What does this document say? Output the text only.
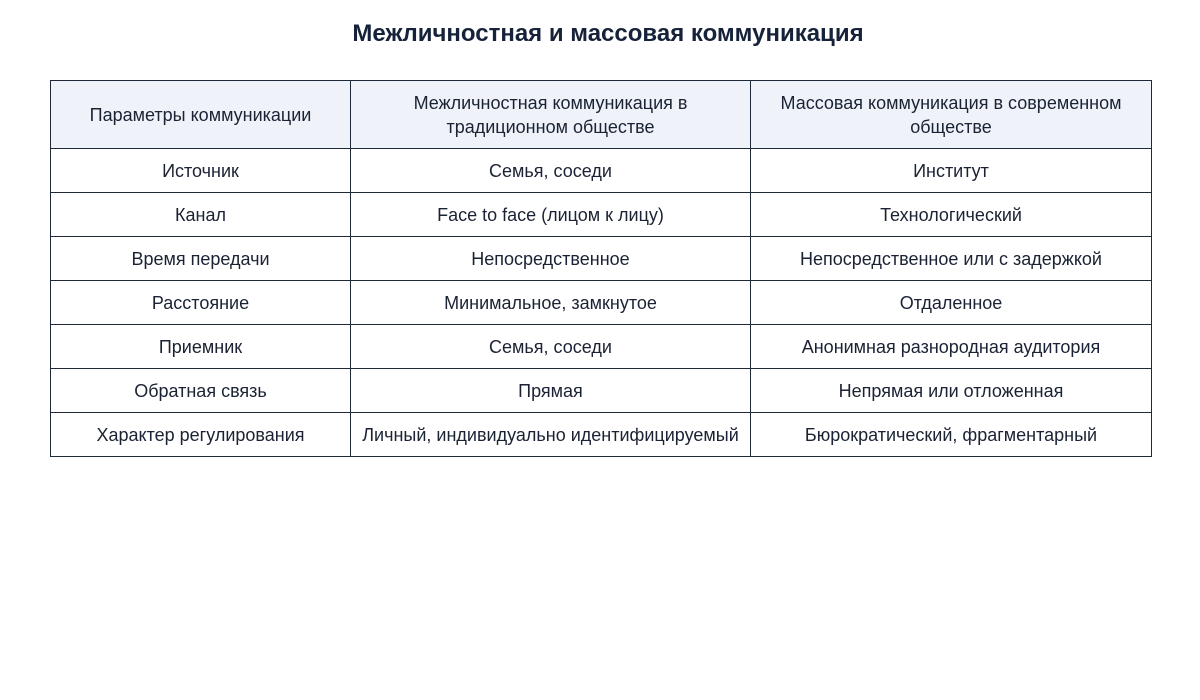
Межличностная и массовая коммуникация
Параметры коммуникации	Межличностная коммуникация в традиционном обществе	Массовая коммуникация в современном обществе
Источник	Семья, соседи	Институт
Канал	Face to face (лицом к лицу)	Технологический
Время передачи	Непосредственное	Непосредственное или с задержкой
Расстояние	Минимальное, замкнутое	Отдаленное
Приемник	Семья, соседи	Анонимная разнородная аудитория
Обратная связь	Прямая	Непрямая или отложенная
Характер регулирования	Личный, индивидуально идентифицируемый	Бюрократический, фрагментарный
